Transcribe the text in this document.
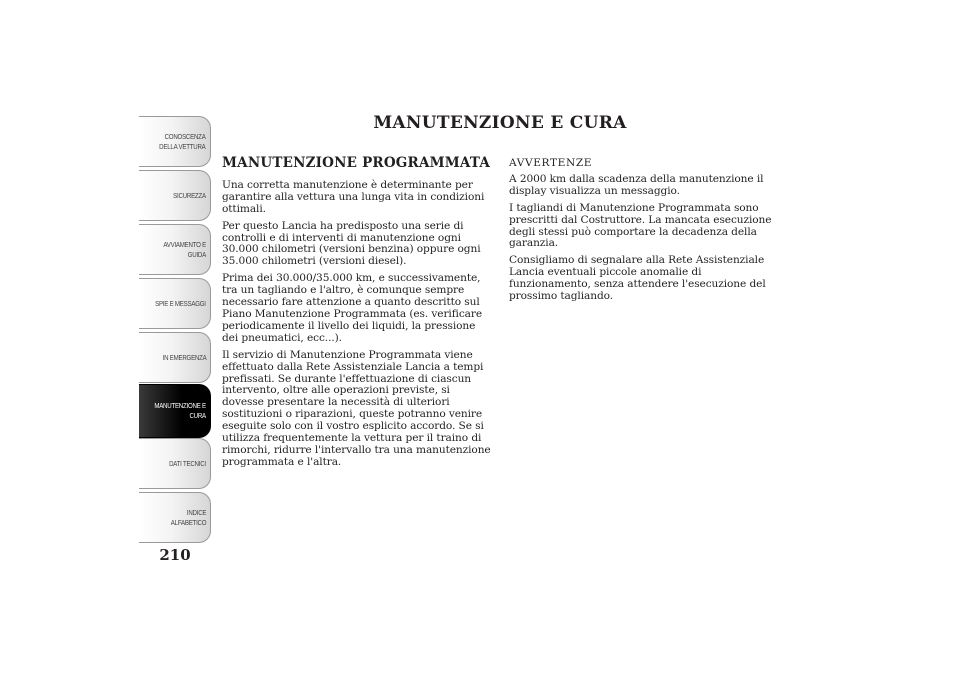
CONOSCENZA
DELLA VETTURA
SICUREZZA
AVVIAMENTO E
GUIDA
SPIE E MESSAGGI
IN EMERGENZA
MANUTENZIONE E
CURA
DATI TECNICI
INDICE
ALFABETICO
210
MANUTENZIONE E CURA
MANUTENZIONE PROGRAMMATA

Una corretta manutenzione è determinante per garantire alla vettura una lunga vita in condizioni ottimali.

Per questo Lancia ha predisposto una serie di controlli e di interventi di manutenzione ogni 30.000 chilometri (versioni benzina) oppure ogni 35.000 chilometri (versioni diesel).

Prima dei 30.000/35.000 km, e successivamente, tra un tagliando e l'altro, è comunque sempre necessario fare attenzione a quanto descritto sul Piano Manutenzione Programmata (es. verificare periodicamente il livello dei liquidi, la pressione dei pneumatici, ecc...).

Il servizio di Manutenzione Programmata viene effettuato dalla Rete Assistenziale Lancia a tempi prefissati. Se durante l'effettuazione di ciascun intervento, oltre alle operazioni previste, si dovesse presentare la necessità di ulteriori sostituzioni o riparazioni, queste potranno venire eseguite solo con il vostro esplicito accordo. Se si utilizza frequentemente la vettura per il traino di rimorchi, ridurre l'intervallo tra una manutenzione programmata e l'altra.

AVVERTENZE

A 2000 km dalla scadenza della manutenzione il display visualizza un messaggio.

I tagliandi di Manutenzione Programmata sono prescritti dal Costruttore. La mancata esecuzione degli stessi può comportare la decadenza della garanzia.

Consigliamo di segnalare alla Rete Assistenziale Lancia eventuali piccole anomalie di funzionamento, senza attendere l'esecuzione del prossimo tagliando.
